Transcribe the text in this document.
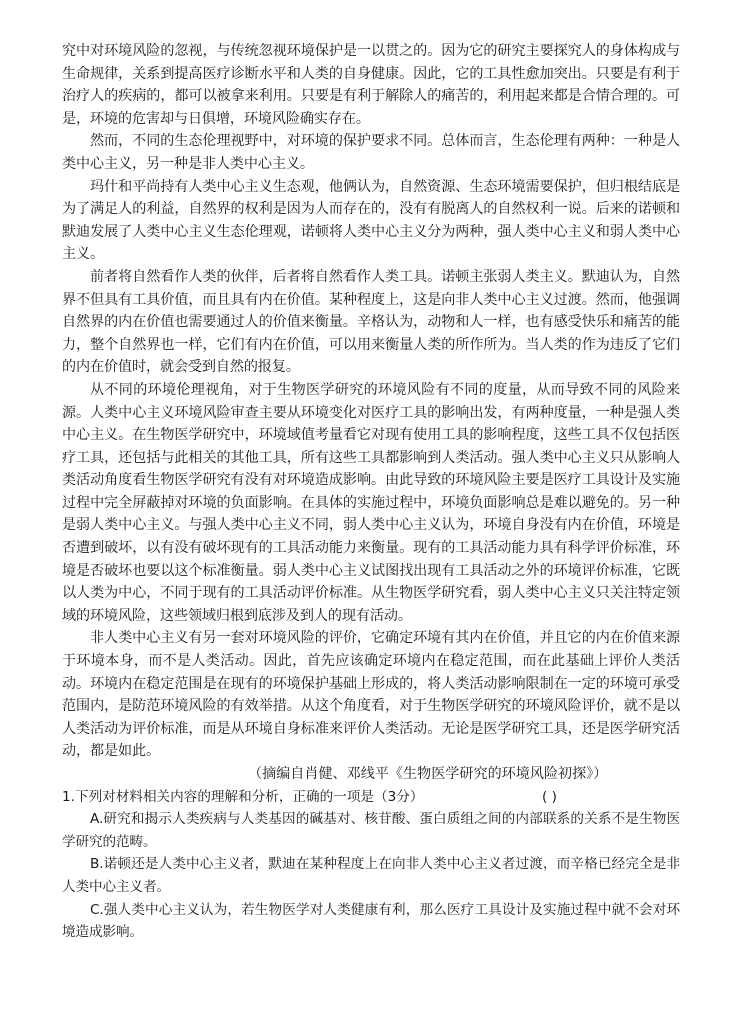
究中对环境风险的忽视，与传统忽视环境保护是一以贯之的。因为它的研究主要探究人的身体构成与生命规律，关系到提高医疗诊断水平和人类的自身健康。因此，它的工具性愈加突出。只要是有利于治疗人的疾病的，都可以被拿来利用。只要是有利于解除人的痛苦的，利用起来都是合情合理的。可是，环境的危害却与日俱增，环境风险确实存在。

然而，不同的生态伦理视野中，对环境的保护要求不同。总体而言，生态伦理有两种：一种是人类中心主义，另一种是非人类中心主义。

玛什和平尚持有人类中心主义生态观，他俩认为，自然资源、生态环境需要保护，但归根结底是为了满足人的利益，自然界的权利是因为人而存在的，没有有脱离人的自然权利一说。后来的诺顿和默迪发展了人类中心主义生态伦理观，诺顿将人类中心主义分为两种，强人类中心主义和弱人类中心主义。

前者将自然看作人类的伙伴，后者将自然看作人类工具。诺顿主张弱人类主义。默迪认为，自然界不但具有工具价值，而且具有内在价值。某种程度上，这是向非人类中心主义过渡。然而，他强调自然界的内在价值也需要通过人的价值来衡量。辛格认为，动物和人一样，也有感受快乐和痛苦的能力，整个自然界也一样，它们有内在价值，可以用来衡量人类的所作所为。当人类的作为违反了它们的内在价值时，就会受到自然的报复。

从不同的环境伦理视角，对于生物医学研究的环境风险有不同的度量，从而导致不同的风险来源。人类中心主义环境风险审查主要从环境变化对医疗工具的影响出发，有两种度量，一种是强人类中心主义。在生物医学研究中，环境域值考量看它对现有使用工具的影响程度，这些工具不仅包括医疗工具，还包括与此相关的其他工具，所有这些工具都影响到人类活动。强人类中心主义只从影响人类活动角度看生物医学研究有没有对环境造成影响。由此导致的环境风险主要是医疗工具设计及实施过程中完全屏蔽掉对环境的负面影响。在具体的实施过程中，环境负面影响总是难以避免的。另一种是弱人类中心主义。与强人类中心主义不同，弱人类中心主义认为，环境自身没有内在价值，环境是否遭到破坏，以有没有破坏现有的工具活动能力来衡量。现有的工具活动能力具有科学评价标准，环境是否破坏也要以这个标准衡量。弱人类中心主义试图找出现有工具活动之外的环境评价标准，它既以人类为中心，不同于现有的工具活动评价标准。从生物医学研究看，弱人类中心主义只关注特定领域的环境风险，这些领域归根到底涉及到人的现有活动。

非人类中心主义有另一套对环境风险的评价，它确定环境有其内在价值，并且它的内在价值来源于环境本身，而不是人类活动。因此，首先应该确定环境内在稳定范围，而在此基础上评价人类活动。环境内在稳定范围是在现有的环境保护基础上形成的，将人类活动影响限制在一定的环境可承受范围内，是防范环境风险的有效举措。从这个角度看，对于生物医学研究的环境风险评价，就不是以人类活动为评价标准，而是从环境自身标准来评价人类活动。无论是医学研究工具，还是医学研究活动，都是如此。

（摘编自肖健、邓线平《生物医学研究的环境风险初探》）

1.下列对材料相关内容的理解和分析，正确的一项是（3分）	( )

A.研究和揭示人类疾病与人类基因的碱基对、核苷酸、蛋白质组之间的内部联系的关系不是生物医学研究的范畴。

B.诺顿还是人类中心主义者，默迪在某种程度上在向非人类中心主义者过渡，而辛格已经完全是非人类中心主义者。

C.强人类中心主义认为，若生物医学对人类健康有利，那么医疗工具设计及实施过程中就不会对环境造成影响。
